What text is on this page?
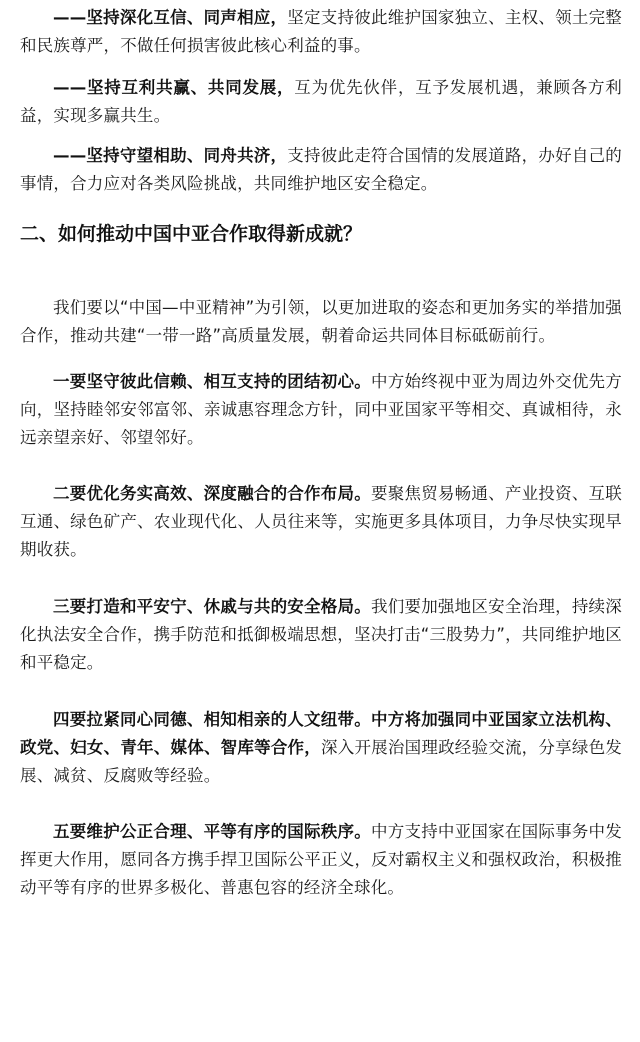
——坚持深化互信、同声相应，坚定支持彼此维护国家独立、主权、领土完整和民族尊严，不做任何损害彼此核心利益的事。

——坚持互利共赢、共同发展，互为优先伙伴，互予发展机遇，兼顾各方利益，实现多赢共生。

——坚持守望相助、同舟共济，支持彼此走符合国情的发展道路，办好自己的事情，合力应对各类风险挑战，共同维护地区安全稳定。

二、如何推动中国中亚合作取得新成就？

我们要以“中国—中亚精神”为引领，以更加进取的姿态和更加务实的举措加强合作，推动共建“一带一路”高质量发展，朝着命运共同体目标砥砺前行。

一要坚守彼此信赖、相互支持的团结初心。中方始终视中亚为周边外交优先方向，坚持睦邻安邻富邻、亲诚惠容理念方针，同中亚国家平等相交、真诚相待，永远亲望亲好、邻望邻好。

二要优化务实高效、深度融合的合作布局。要聚焦贸易畅通、产业投资、互联互通、绿色矿产、农业现代化、人员往来等，实施更多具体项目，力争尽快实现早期收获。

三要打造和平安宁、休戚与共的安全格局。我们要加强地区安全治理，持续深化执法安全合作，携手防范和抵御极端思想，坚决打击“三股势力”，共同维护地区和平稳定。

四要拉紧同心同德、相知相亲的人文纽带。中方将加强同中亚国家立法机构、政党、妇女、青年、媒体、智库等合作，深入开展治国理政经验交流，分享绿色发展、减贫、反腐败等经验。

五要维护公正合理、平等有序的国际秩序。中方支持中亚国家在国际事务中发挥更大作用，愿同各方携手捍卫国际公平正义，反对霸权主义和强权政治，积极推动平等有序的世界多极化、普惠包容的经济全球化。
